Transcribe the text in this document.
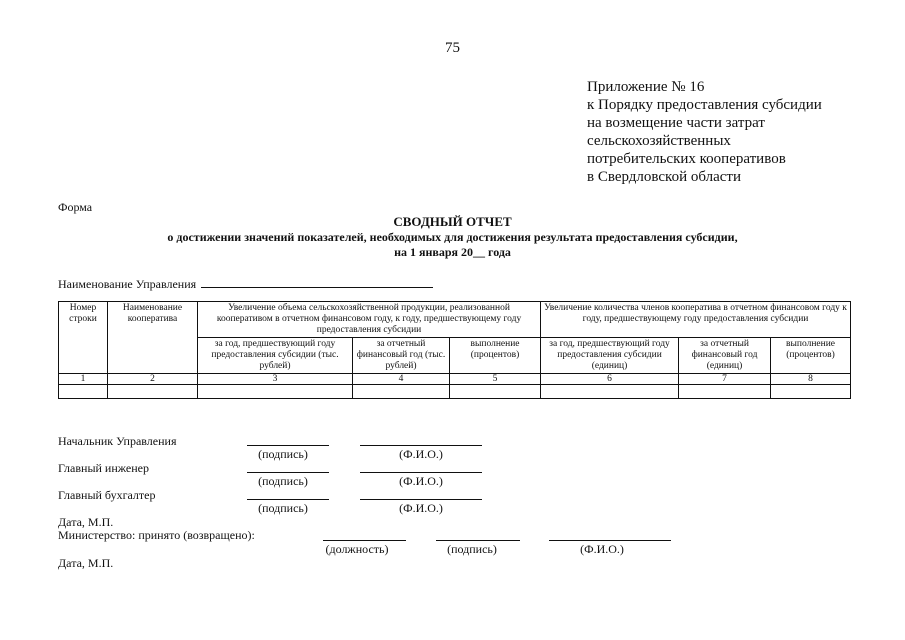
75
Приложение № 16
к Порядку предоставления субсидии
на возмещение части затрат
сельскохозяйственных
потребительских кооперативов
в Свердловской области
Форма
СВОДНЫЙ ОТЧЕТ
о достижении значений показателей, необходимых для достижения результата предоставления субсидии,
на 1 января 20__ года
Наименование Управления
Номер строки	Наименование кооператива	Увеличение объема сельскохозяйственной продукции, реализованной кооперативом в отчетном финансовом году, к году, предшествующему году предоставления субсидии			Увеличение количества членов кооператива в отчетном финансовом году к году, предшествующему году предоставления субсидии		
		за год, предшествующий году предоставления субсидии (тыс. рублей)	за отчетный финансовый год (тыс. рублей)	выполнение (процентов)	за год, предшествующий году предоставления субсидии (единиц)	за отчетный финансовый год (единиц)	выполнение (процентов)
1	2	3	4	5	6	7	8

Начальник Управления
(подпись)	(Ф.И.О.)
Главный инженер
(подпись)	(Ф.И.О.)
Главный бухгалтер
(подпись)	(Ф.И.О.)
Дата, М.П.
Министерство: принято (возвращено):
(должность)	(подпись)	(Ф.И.О.)
Дата, М.П.
